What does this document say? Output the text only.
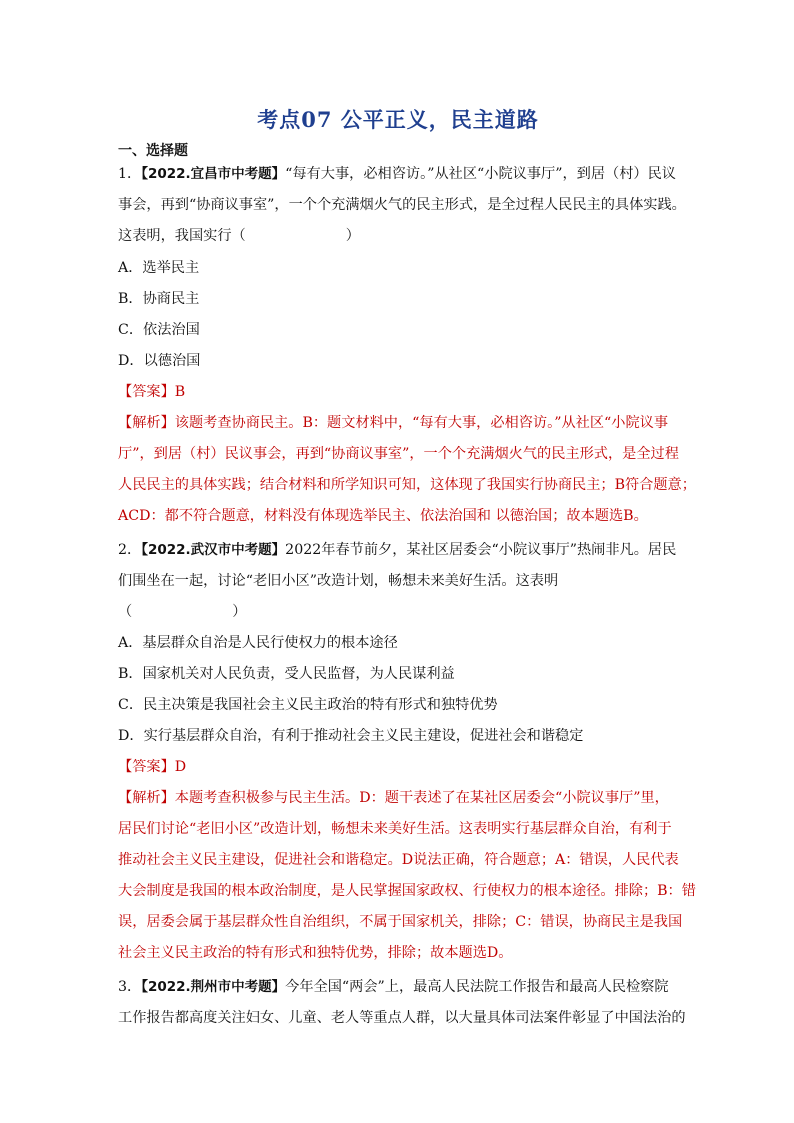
考点07 公平正义，民主道路
一、选择题
1．【2022.宜昌市中考题】“每有大事，必相咨访。”从社区“小院议事厅”，到居（村）民议
事会，再到“协商议事室”，一个个充满烟火气的民主形式，是全过程人民民主的具体实践。
这表明，我国实行（	）
A．选举民主
B．协商民主
C．依法治国
D．以德治国
【答案】B
【解析】该题考查协商民主。B：题文材料中，“每有大事，必相咨访。”从社区“小院议事
厅”，到居（村）民议事会，再到“协商议事室”，一个个充满烟火气的民主形式，是全过程
人民民主的具体实践；结合材料和所学知识可知，这体现了我国实行协商民主；B符合题意；
ACD：都不符合题意，材料没有体现选举民主、依法治国和 以德治国；故本题选B。
2．【2022.武汉市中考题】2022年春节前夕，某社区居委会“小院议事厅”热闹非凡。居民
们围坐在一起，讨论“老旧小区”改造计划，畅想未来美好生活。这表明
（	）
A．基层群众自治是人民行使权力的根本途径
B．国家机关对人民负责，受人民监督，为人民谋利益
C．民主决策是我国社会主义民主政治的特有形式和独特优势
D．实行基层群众自治，有利于推动社会主义民主建设，促进社会和谐稳定
【答案】D
【解析】本题考查积极参与民主生活。D：题干表述了在某社区居委会“小院议事厅”里，
居民们讨论“老旧小区”改造计划，畅想未来美好生活。这表明实行基层群众自治，有利于
推动社会主义民主建设，促进社会和谐稳定。D说法正确，符合题意；A：错误，人民代表
大会制度是我国的根本政治制度，是人民掌握国家政权、行使权力的根本途径。排除；B：错
误，居委会属于基层群众性自治组织，不属于国家机关，排除；C：错误，协商民主是我国
社会主义民主政治的特有形式和独特优势，排除；故本题选D。
3．【2022.荆州市中考题】今年全国“两会”上，最高人民法院工作报告和最高人民检察院
工作报告都高度关注妇女、儿童、老人等重点人群，以大量具体司法案件彰显了中国法治的
